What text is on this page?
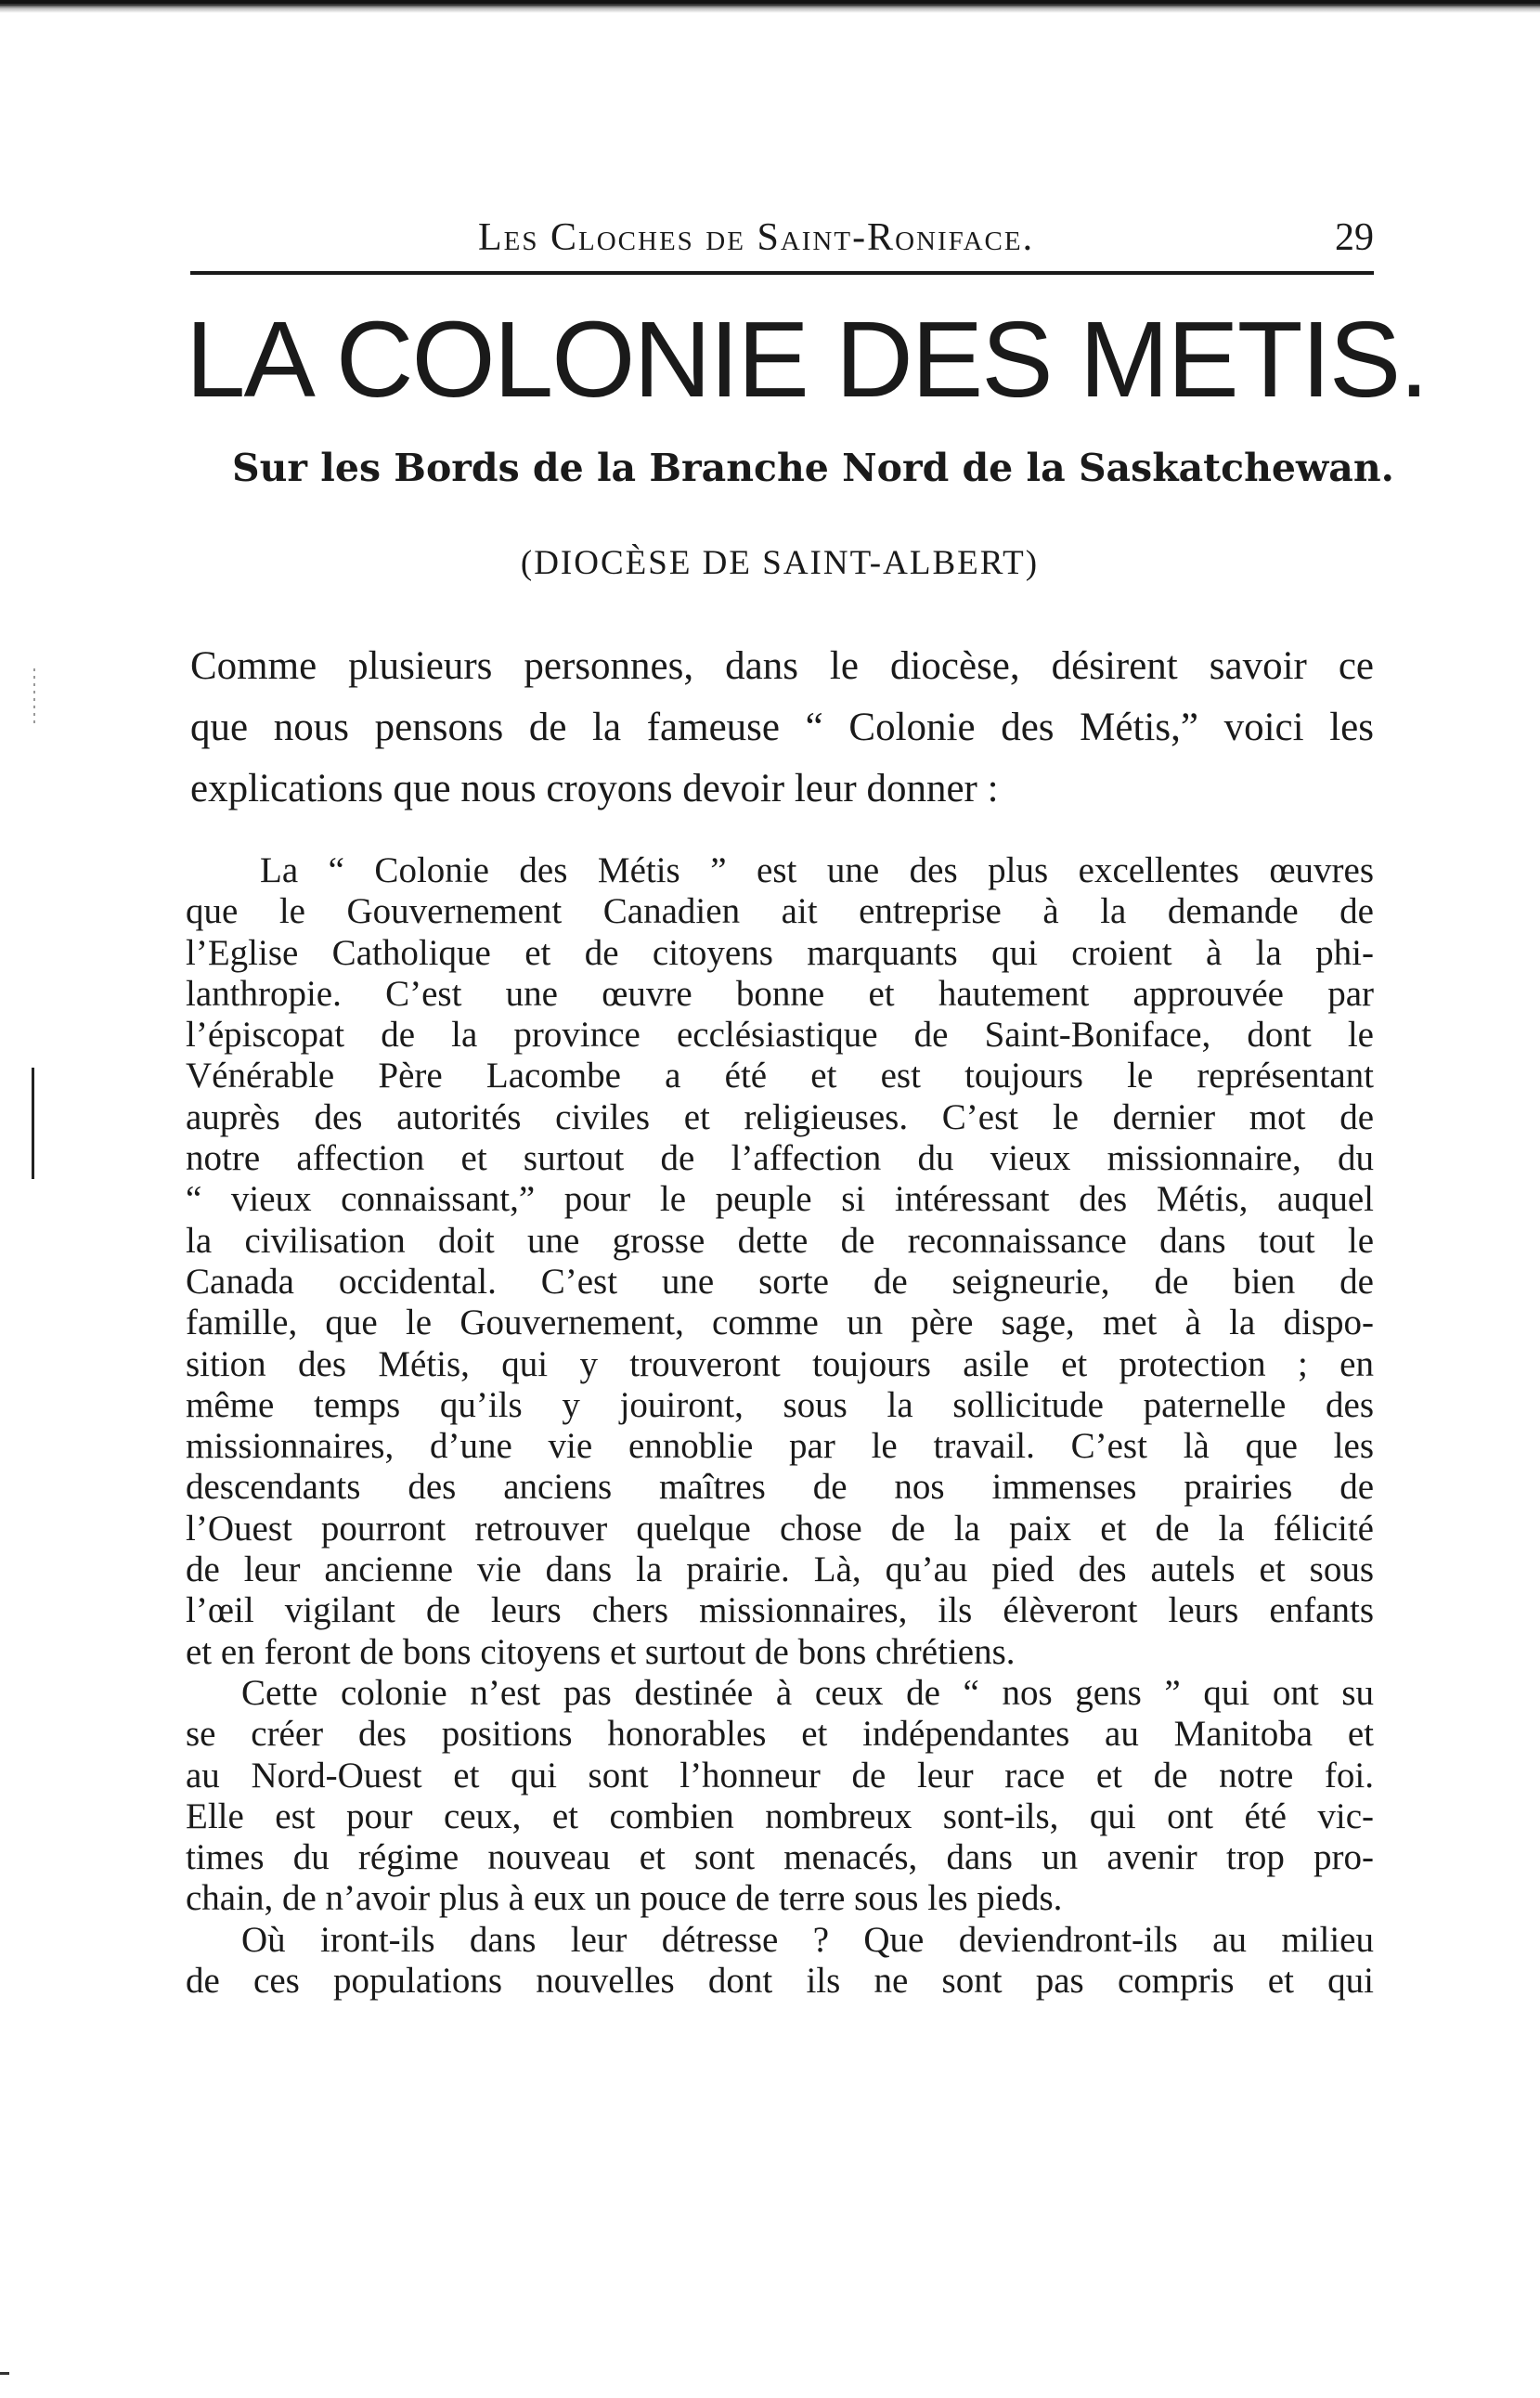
Les Cloches de Saint-Roniface.	29
LA COLONIE DES METIS.
Sur les Bords de la Branche Nord de la Saskatchewan.
(DIOCÈSE DE SAINT-ALBERT)
Comme plusieurs personnes, dans le diocèse, désirent savoir ce
que nous pensons de la fameuse “ Colonie des Métis,” voici les
explications que nous croyons devoir leur donner :
La “ Colonie des Métis ” est une des plus excellentes œuvres
que le Gouvernement Canadien ait entreprise à la demande de
l’Eglise Catholique et de citoyens marquants qui croient à la phi-
lanthropie. C’est une œuvre bonne et hautement approuvée par
l’épiscopat de la province ecclésiastique de Saint-Boniface, dont le
Vénérable Père Lacombe a été et est toujours le représentant
auprès des autorités civiles et religieuses. C’est le dernier mot de
notre affection et surtout de l’affection du vieux missionnaire, du
“ vieux connaissant,” pour le peuple si intéressant des Métis, auquel
la civilisation doit une grosse dette de reconnaissance dans tout le
Canada occidental. C’est une sorte de seigneurie, de bien de
famille, que le Gouvernement, comme un père sage, met à la dispo-
sition des Métis, qui y trouveront toujours asile et protection ; en
même temps qu’ils y jouiront, sous la sollicitude paternelle des
missionnaires, d’une vie ennoblie par le travail. C’est là que les
descendants des anciens maîtres de nos immenses prairies de
l’Ouest pourront retrouver quelque chose de la paix et de la félicité
de leur ancienne vie dans la prairie. Là, qu’au pied des autels et sous
l’œil vigilant de leurs chers missionnaires, ils élèveront leurs enfants
et en feront de bons citoyens et surtout de bons chrétiens.
Cette colonie n’est pas destinée à ceux de “ nos gens ” qui ont su
se créer des positions honorables et indépendantes au Manitoba et
au Nord-Ouest et qui sont l’honneur de leur race et de notre foi.
Elle est pour ceux, et combien nombreux sont-ils, qui ont été vic-
times du régime nouveau et sont menacés, dans un avenir trop pro-
chain, de n’avoir plus à eux un pouce de terre sous les pieds.
Où iront-ils dans leur détresse ? Que deviendront-ils au milieu
de ces populations nouvelles dont ils ne sont pas compris et qui
